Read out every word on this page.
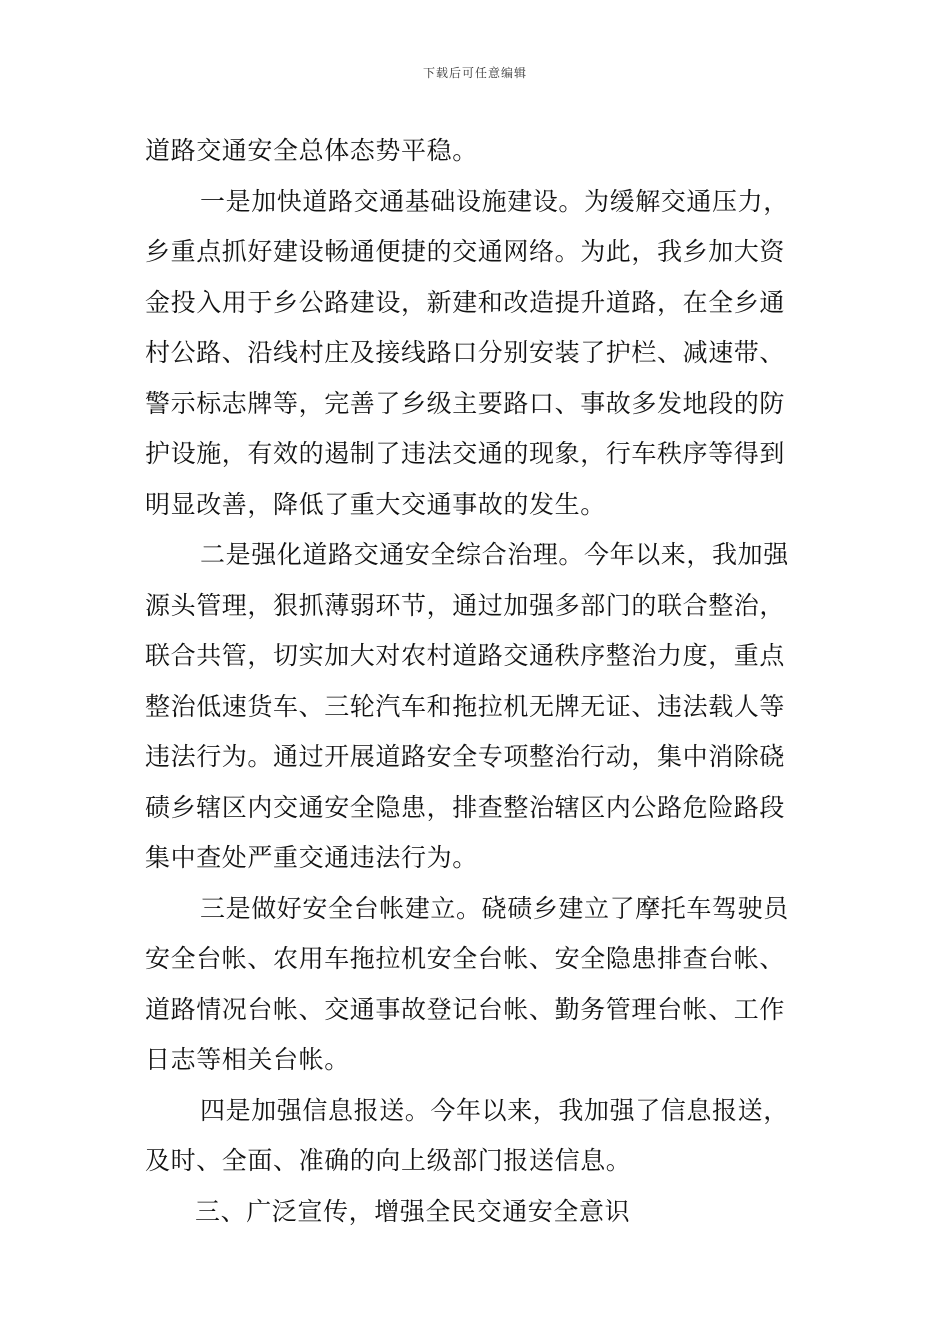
下载后可任意编辑
道路交通安全总体态势平稳。
一是加快道路交通基础设施建设。为缓解交通压力，
乡重点抓好建设畅通便捷的交通网络。为此，我乡加大资
金投入用于乡公路建设，新建和改造提升道路，在全乡通
村公路、沿线村庄及接线路口分别安装了护栏、减速带、
警示标志牌等，完善了乡级主要路口、事故多发地段的防
护设施，有效的遏制了违法交通的现象，行车秩序等得到
明显改善，降低了重大交通事故的发生。
二是强化道路交通安全综合治理。今年以来，我加强
源头管理，狠抓薄弱环节，通过加强多部门的联合整治，
联合共管，切实加大对农村道路交通秩序整治力度，重点
整治低速货车、三轮汽车和拖拉机无牌无证、违法载人等
违法行为。通过开展道路安全专项整治行动，集中消除硗
碛乡辖区内交通安全隐患，排查整治辖区内公路危险路段
集中查处严重交通违法行为。
三是做好安全台帐建立。硗碛乡建立了摩托车驾驶员
安全台帐、农用车拖拉机安全台帐、安全隐患排查台帐、
道路情况台帐、交通事故登记台帐、勤务管理台帐、工作
日志等相关台帐。
四是加强信息报送。今年以来，我加强了信息报送，
及时、全面、准确的向上级部门报送信息。
三、广泛宣传，增强全民交通安全意识
